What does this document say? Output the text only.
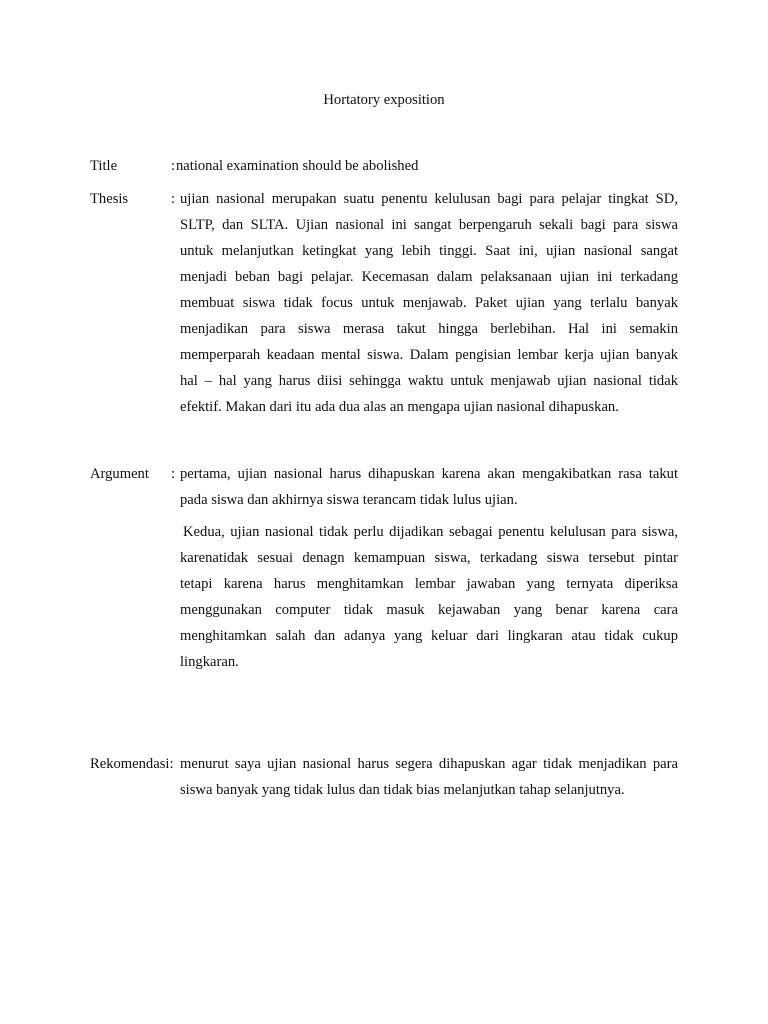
Hortatory exposition
Title	: national examination should be abolished
Thesis	: ujian nasional merupakan suatu penentu kelulusan bagi para pelajar tingkat SD,
SLTP, dan SLTA. Ujian nasional ini sangat berpengaruh sekali bagi para siswa
untuk melanjutkan ketingkat yang lebih tinggi. Saat ini, ujian nasional sangat
menjadi beban bagi pelajar. Kecemasan dalam pelaksanaan ujian ini terkadang
membuat siswa tidak focus untuk menjawab. Paket ujian yang terlalu banyak
menjadikan para siswa merasa takut hingga berlebihan. Hal ini semakin
memperparah keadaan mental siswa. Dalam pengisian lembar kerja ujian banyak
hal – hal yang harus diisi sehingga waktu untuk menjawab ujian nasional tidak
efektif. Makan dari itu ada dua alas an mengapa ujian nasional dihapuskan.
Argument : pertama, ujian nasional harus dihapuskan karena akan mengakibatkan rasa takut
pada siswa dan akhirnya siswa terancam tidak lulus ujian.
Kedua, ujian nasional tidak perlu dijadikan sebagai penentu kelulusan para siswa,
karenatidak sesuai denagn kemampuan siswa, terkadang siswa tersebut pintar
tetapi karena harus menghitamkan lembar jawaban yang ternyata diperiksa
menggunakan computer tidak masuk kejawaban yang benar karena cara
menghitamkan salah dan adanya yang keluar dari lingkaran atau tidak cukup
lingkaran.
Rekomendasi: menurut saya ujian nasional harus segera dihapuskan agar tidak menjadikan para
siswa banyak yang tidak lulus dan tidak bias melanjutkan tahap selanjutnya.
